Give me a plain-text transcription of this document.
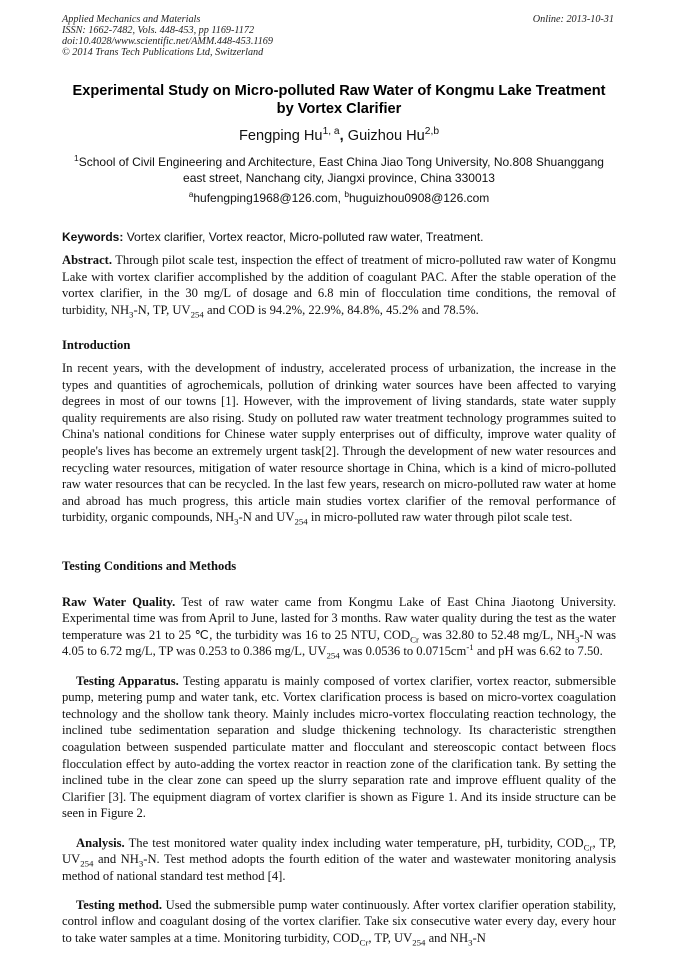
Applied Mechanics and Materials
ISSN: 1662-7482, Vols. 448-453, pp 1169-1172
doi:10.4028/www.scientific.net/AMM.448-453.1169
© 2014 Trans Tech Publications Ltd, Switzerland
Online: 2013-10-31
Experimental Study on Micro-polluted Raw Water of Kongmu Lake Treatment by Vortex Clarifier
Fengping Hu$^{1, a}$, Guizhou Hu$^{2,b}$
$^1$School of Civil Engineering and Architecture, East China Jiao Tong University, No.808 Shuanggang east street, Nanchang city, Jiangxi province, China 330013
$^a$hufengping1968@126.com, $^b$huguizhou0908@126.com
Keywords: Vortex clarifier, Vortex reactor, Micro-polluted raw water, Treatment.
Abstract. Through pilot scale test, inspection the effect of treatment of micro-polluted raw water of Kongmu Lake with vortex clarifier accomplished by the addition of coagulant PAC. After the stable operation of the vortex clarifier, in the 30 mg/L of dosage and 6.8 min of flocculation time conditions, the removal of turbidity, $NH_3-N$, TP, $UV_{254}$ and COD is 94.2%, 22.9%, 84.8%, 45.2% and 78.5%.
Introduction
In recent years, with the development of industry, accelerated process of urbanization, the increase in the types and quantities of agrochemicals, pollution of drinking water sources have been affected to varying degrees in most of our towns [1]. However, with the improvement of living standards, state water supply quality requirements are also rising. Study on polluted raw water treatment technology programmes suited to China's national conditions for Chinese water supply enterprises out of difficulty, improve water quality of people's lives has become an extremely urgent task[2]. Through the development of new water resources and recycling water resources, mitigation of water resource shortage in China, which is a kind of micro-polluted raw water resources that can be recycled. In the last few years, research on micro-polluted raw water at home and abroad has much progress, this article main studies vortex clarifier of the removal performance of turbidity, organic compounds, $NH_3-N$ and $UV_{254}$ in micro-polluted raw water through pilot scale test.
Testing Conditions and Methods

Raw Water Quality. Test of raw water came from Kongmu Lake of East China Jiaotong University. Experimental time was from April to June, lasted for 3 months. Raw water quality during the test as the water temperature was 21 to 25 ℃, the turbidity was 16 to 25 NTU, $COD_{Cr}$ was 32.80 to 52.48 mg/L, $NH_3-N$ was 4.05 to 6.72 mg/L, TP was 0.253 to 0.386 mg/L, $UV_{254}$ was 0.0536 to $0.0715cm^{-1}$ and pH was 6.62 to 7.50.

Testing Apparatus. Testing apparatu is mainly composed of vortex clarifier, vortex reactor, submersible pump, metering pump and water tank, etc. Vortex clarification process is based on micro-vortex coagulation technology and the shollow tank theory. Mainly includes micro-vortex flocculating reaction technology, the inclined tube sedimentation separation and sludge thickening technology. Its characteristic strengthen coagulation between suspended particulate matter and flocculant and stereoscopic contact between flocs flocculation effect by auto-adding the vortex reactor in reaction zone of the clarification tank. By setting the inclined tube in the clear zone can speed up the slurry separation rate and improve effluent quality of the Clarifier [3]. The equipment diagram of vortex clarifier is shown as Figure 1. And its inside structure can be seen in Figure 2.

Analysis. The test monitored water quality index including water temperature, pH, turbidity, $COD_{Cr}$, TP, $UV_{254}$ and $NH_3-N$. Test method adopts the fourth edition of the water and wastewater monitoring analysis method of national standard test method [4].

Testing method. Used the submersible pump water continuously. After vortex clarifier operation stability, control inflow and coagulant dosing of the vortex clarifier. Take six consecutive water every day, every hour to take water samples at a time. Monitoring turbidity, $COD_{Cr}$, TP, $UV_{254}$ and $NH_3-N$
